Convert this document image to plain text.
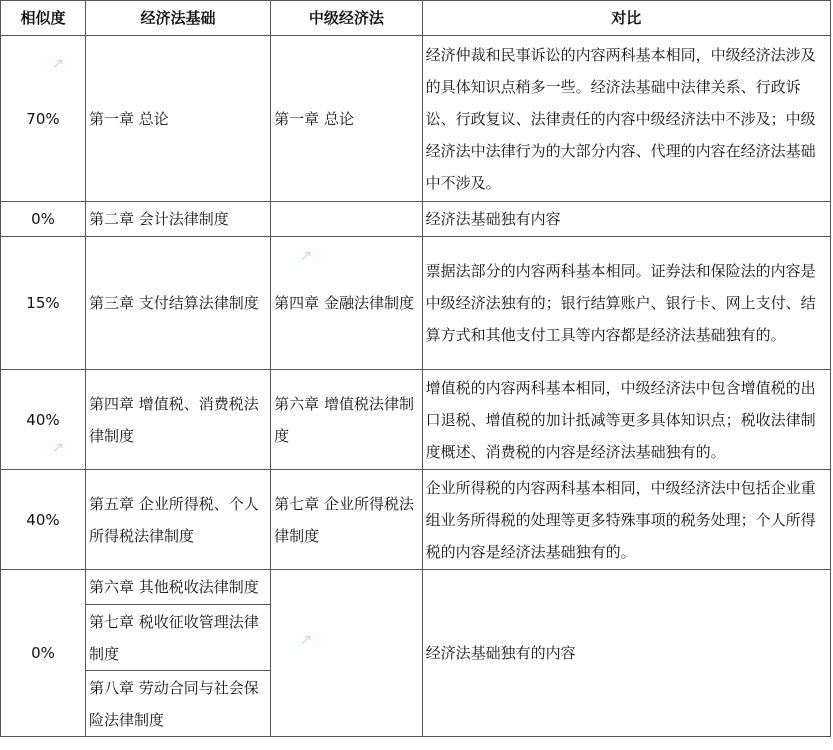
相似度	经济法基础	中级经济法	对比
70%	第一章 总论	第一章 总论	经济仲裁和民事诉讼的内容两科基本相同，中级经济法涉及的具体知识点稍多一些。经济法基础中法律关系、行政诉讼、行政复议、法律责任的内容中级经济法中不涉及；中级经济法中法律行为的大部分内容、代理的内容在经济法基础中不涉及。
0%	第二章 会计法律制度		经济法基础独有内容
15%	第三章 支付结算法律制度	第四章 金融法律制度	票据法部分的内容两科基本相同。证券法和保险法的内容是中级经济法独有的；银行结算账户、银行卡、网上支付、结算方式和其他支付工具等内容都是经济法基础独有的。
40%	第四章 增值税、消费税法律制度	第六章 增值税法律制度	增值税的内容两科基本相同，中级经济法中包含增值税的出口退税、增值税的加计抵减等更多具体知识点；税收法律制度概述、消费税的内容是经济法基础独有的。
40%	第五章 企业所得税、个人所得税法律制度	第七章 企业所得税法律制度	企业所得税的内容两科基本相同，中级经济法中包括企业重组业务所得税的处理等更多特殊事项的税务处理；个人所得税的内容是经济法基础独有的。
0%	第六章 其他税收法律制度		经济法基础独有的内容
	第七章 税收征收管理法律制度		
	第八章 劳动合同与社会保险法律制度		
↗
↗
↗
↗
